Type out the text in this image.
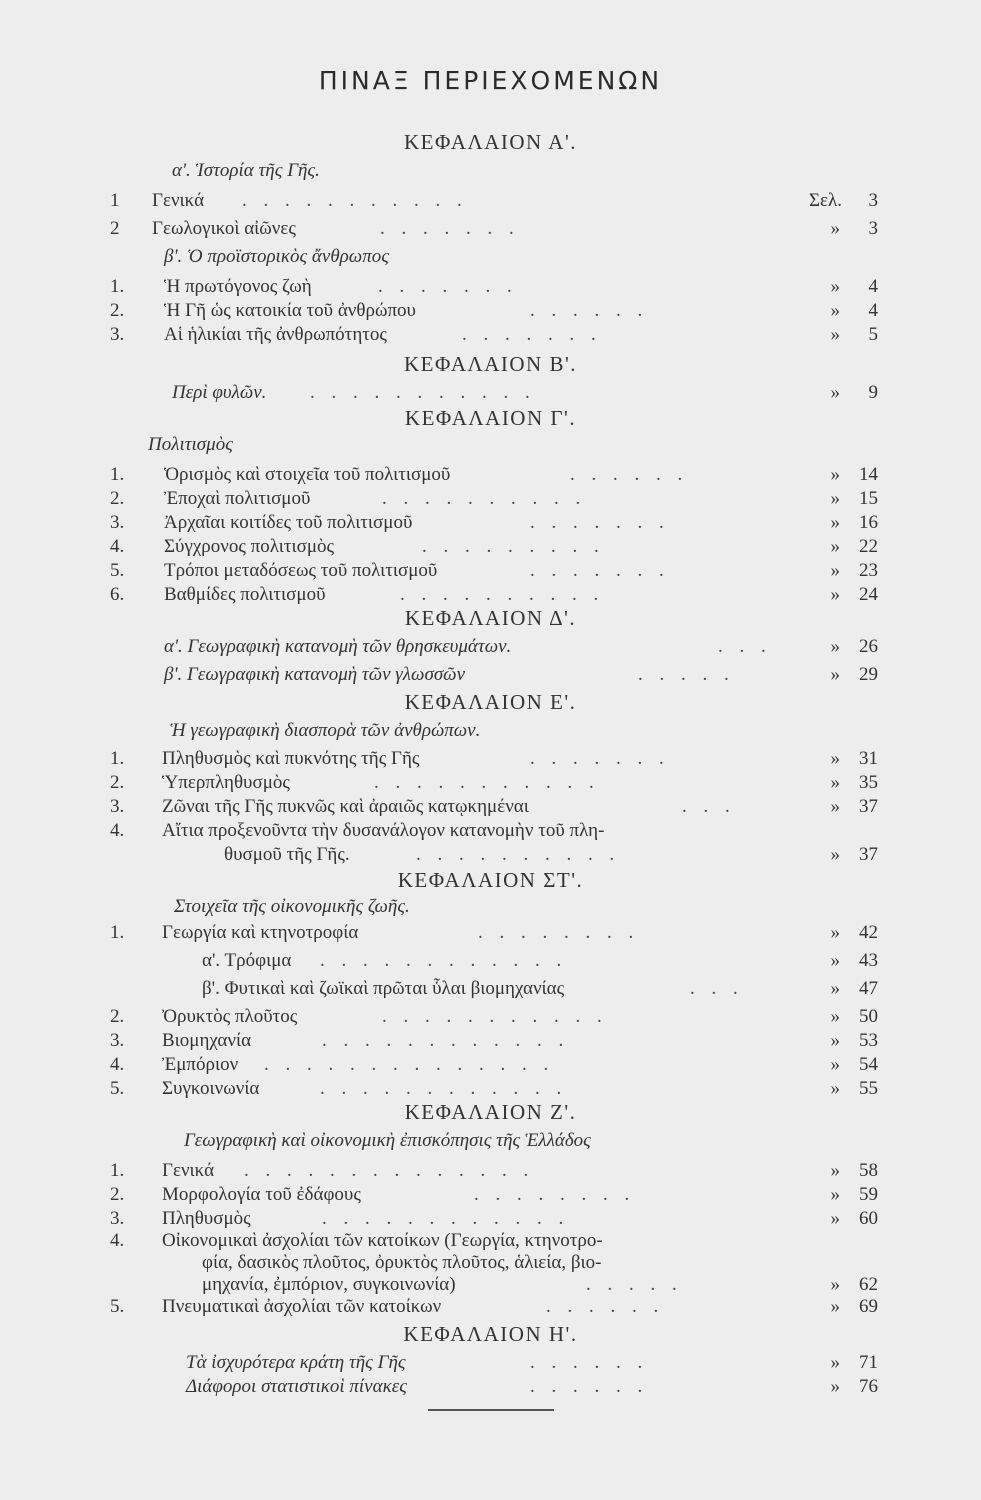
ΠΙΝΑΞ ΠΕΡΙΕΧΟΜΕΝΩΝ
ΚΕΦΑΛΑΙΟΝ Α'.
α'. Ἱστορία τῆς Γῆς.
1	Γενικά . . . . . . . . . . .	Σελ.	3
2	Γεωλογικοὶ αἰῶνες	. . . . . . .	»	3
β'. Ὁ προϊστορικὸς ἄνθρωπος
1.	Ἡ πρωτόγονος ζωὴ	. . . . . . .	»	4
2.	Ἡ Γῆ ὡς κατοικία τοῦ ἀνθρώπου	. . . . . .	»	4
3.	Αἱ ἡλικίαι τῆς ἀνθρωπότητος	. . . . . . .	»	5
ΚΕΦΑΛΑΙΟΝ Β'.
Περὶ φυλῶν. . . . . . . . . . . .	»	9
ΚΕΦΑΛΑΙΟΝ Γ'.
Πολιτισμὸς
1.	Ὁρισμὸς καὶ στοιχεῖα τοῦ πολιτισμοῦ	. . . . . .	»	14
2.	Ἐποχαὶ πολιτισμοῦ	. . . . . . . . . .	»	15
3.	Ἀρχαῖαι κοιτίδες τοῦ πολιτισμοῦ	. . . . . . .	»	16
4.	Σύγχρονος πολιτισμὸς	. . . . . . . . .	»	22
5.	Τρόποι μεταδόσεως τοῦ πολιτισμοῦ	. . . . . . .	»	23
6.	Βαθμίδες πολιτισμοῦ	. . . . . . . . . .	»	24
ΚΕΦΑΛΑΙΟΝ Δ'.
α'. Γεωγραφικὴ κατανομὴ τῶν θρησκευμάτων.	. . .	»	26
β'. Γεωγραφικὴ κατανομὴ τῶν γλωσσῶν	. . . . .	»	29
ΚΕΦΑΛΑΙΟΝ Ε'.
Ἡ γεωγραφικὴ διασπορὰ τῶν ἀνθρώπων.
1.	Πληθυσμὸς καὶ πυκνότης τῆς Γῆς	. . . . . . .	»	31
2.	Ὑπερπληθυσμὸς	. . . . . . . . . . .	»	35
3.	Ζῶναι τῆς Γῆς πυκνῶς καὶ ἀραιῶς κατῳκημέναι	. . .	»	37
4.	Αἴτια προξενοῦντα τὴν δυσανάλογον κατανομὴν τοῦ πλη-
θυσμοῦ τῆς Γῆς.	. . . . . . . . . .	»	37
ΚΕΦΑΛΑΙΟΝ ΣΤ'.
Στοιχεῖα τῆς οἰκονομικῆς ζωῆς.
1.	Γεωργία καὶ κτηνοτροφία	. . . . . . . .	»	42
α'. Τρόφιμα . . . . . . . . . . . .	»	43
β'. Φυτικαὶ καὶ ζωϊκαὶ πρῶται ὗλαι βιομηχανίας	. . .	»	47
2.	Ὀρυκτὸς πλοῦτος	. . . . . . . . . . .	»	50
3.	Βιομηχανία	. . . . . . . . . . . .	»	53
4.	Ἐμπόριον . . . . . . . . . . . . . .	»	54
5.	Συγκοινωνία	. . . . . . . . . . . .	»	55
ΚΕΦΑΛΑΙΟΝ Ζ'.
Γεωγραφικὴ καὶ οἰκονομικὴ ἐπισκόπησις τῆς Ἑλλάδος
1.	Γενικά . . . . . . . . . . . . . .	»	58
2.	Μορφολογία τοῦ ἐδάφους	. . . . . . . .	»	59
3.	Πληθυσμὸς	. . . . . . . . . . . .	»	60
4.	Οἰκονομικαὶ ἀσχολίαι τῶν κατοίκων (Γεωργία, κτηνοτρο-
φία, δασικὸς πλοῦτος, ὀρυκτὸς πλοῦτος, ἁλιεία, βιο-
μηχανία, ἐμπόριον, συγκοινωνία)	. . . . .	»	62
5.	Πνευματικαὶ ἀσχολίαι τῶν κατοίκων	. . . . . .	»	69
ΚΕΦΑΛΑΙΟΝ Η'.
Τὰ ἰσχυρότερα κράτη τῆς Γῆς	. . . . . .	»	71
Διάφοροι στατιστικοὶ πίνακες	. . . . . .	»	76
